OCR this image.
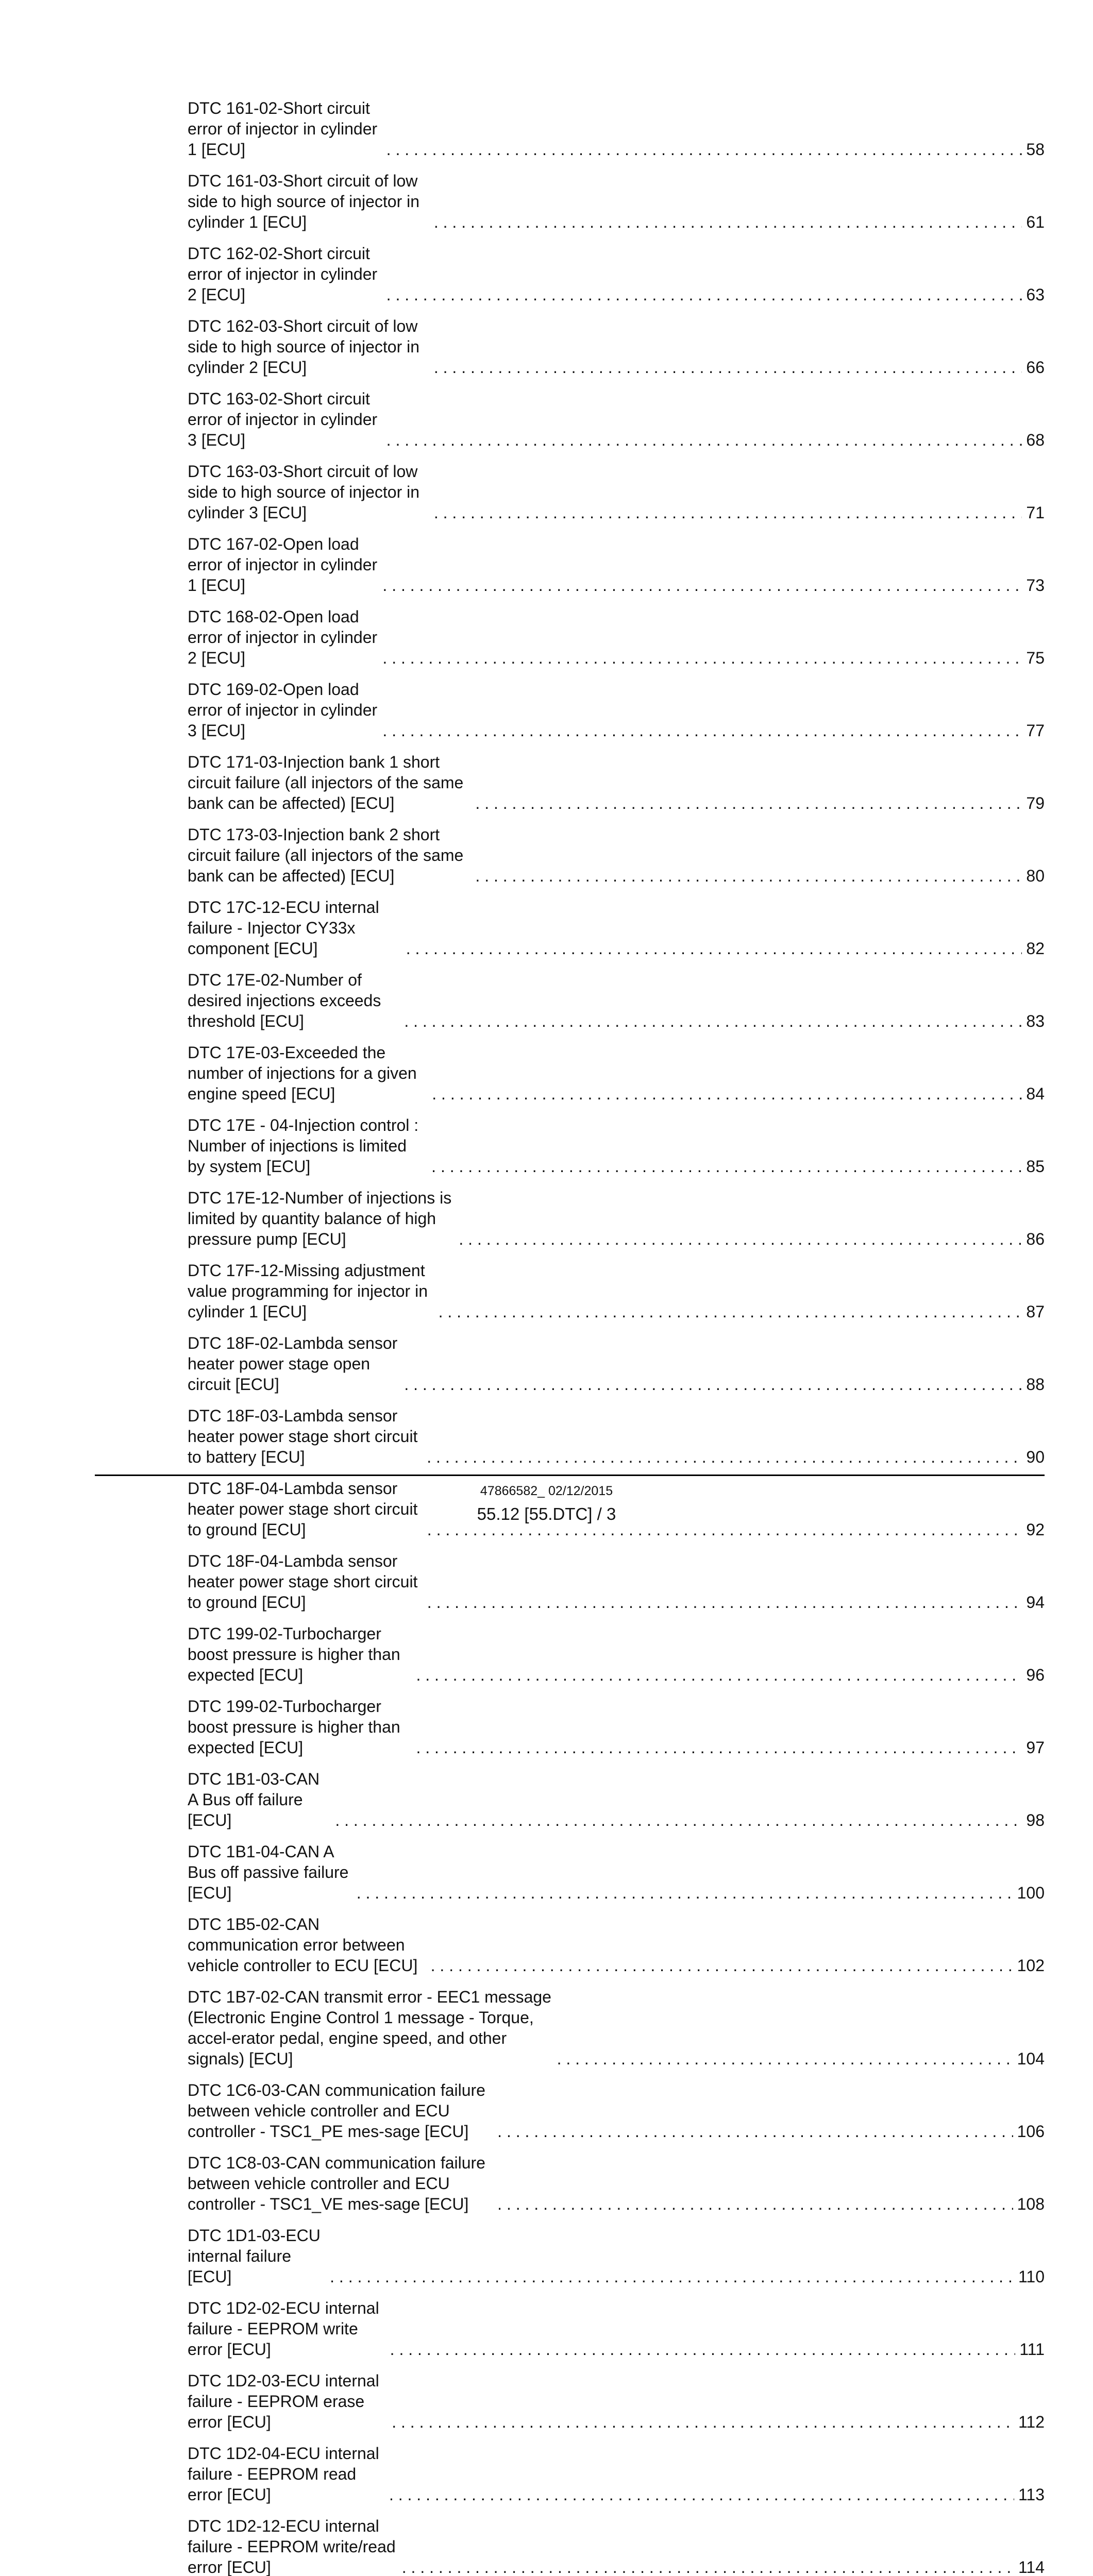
DTC 161-02-Short circuit error of injector in cylinder 1 [ECU] . . .	58
DTC 161-03-Short circuit of low side to high source of injector in cylinder 1 [ECU] . . .	61
DTC 162-02-Short circuit error of injector in cylinder 2 [ECU] . . .	63
DTC 162-03-Short circuit of low side to high source of injector in cylinder 2 [ECU] . . .	66
DTC 163-02-Short circuit error of injector in cylinder 3 [ECU] . . .	68
DTC 163-03-Short circuit of low side to high source of injector in cylinder 3 [ECU] . . .	71
DTC 167-02-Open load error of injector in cylinder 1 [ECU] . . .	73
DTC 168-02-Open load error of injector in cylinder 2 [ECU] . . .	75
DTC 169-02-Open load error of injector in cylinder 3 [ECU] . . .	77
DTC 171-03-Injection bank 1 short circuit failure (all injectors of the same bank can be affected) [ECU] . . .	79
DTC 173-03-Injection bank 2 short circuit failure (all injectors of the same bank can be affected) [ECU] . . .	80
DTC 17C-12-ECU internal failure - Injector CY33x component [ECU] . . .	82
DTC 17E-02-Number of desired injections exceeds threshold [ECU] . . .	83
DTC 17E-03-Exceeded the number of injections for a given engine speed [ECU] . . .	84
DTC 17E - 04-Injection control : Number of injections is limited by system [ECU] . . .	85
DTC 17E-12-Number of injections is limited by quantity balance of high pressure pump [ECU] . . .	86
DTC 17F-12-Missing adjustment value programming for injector in cylinder 1 [ECU] . . .	87
DTC 18F-02-Lambda sensor heater power stage open circuit [ECU] . . .	88
DTC 18F-03-Lambda sensor heater power stage short circuit to battery [ECU] . . .	90
DTC 18F-04-Lambda sensor heater power stage short circuit to ground [ECU] . . .	92
DTC 18F-04-Lambda sensor heater power stage short circuit to ground [ECU] . . .	94
DTC 199-02-Turbocharger boost pressure is higher than expected [ECU] . . .	96
DTC 199-02-Turbocharger boost pressure is higher than expected [ECU] . . .	97
DTC 1B1-03-CAN A Bus off failure [ECU] . . .	98
DTC 1B1-04-CAN A Bus off passive failure [ECU] . . .	100
DTC 1B5-02-CAN communication error between vehicle controller to ECU [ECU] . . .	102
DTC 1B7-02-CAN transmit error - EEC1 message (Electronic Engine Control 1 message - Torque, accel-erator pedal, engine speed, and other signals) [ECU] . . .	104
DTC 1C6-03-CAN communication failure between vehicle controller and ECU controller - TSC1_PE mes-sage [ECU] . . .	106
DTC 1C8-03-CAN communication failure between vehicle controller and ECU controller - TSC1_VE mes-sage [ECU] . . .	108
DTC 1D1-03-ECU internal failure [ECU] . . .	110
DTC 1D2-02-ECU internal failure - EEPROM write error [ECU] . . .	111
DTC 1D2-03-ECU internal failure - EEPROM erase error [ECU] . . .	112
DTC 1D2-04-ECU internal failure - EEPROM read error [ECU] . . .	113
DTC 1D2-12-ECU internal failure - EEPROM write/read error [ECU] . . .	114
47866582_ 02/12/2015
55.12 [55.DTC] / 3
